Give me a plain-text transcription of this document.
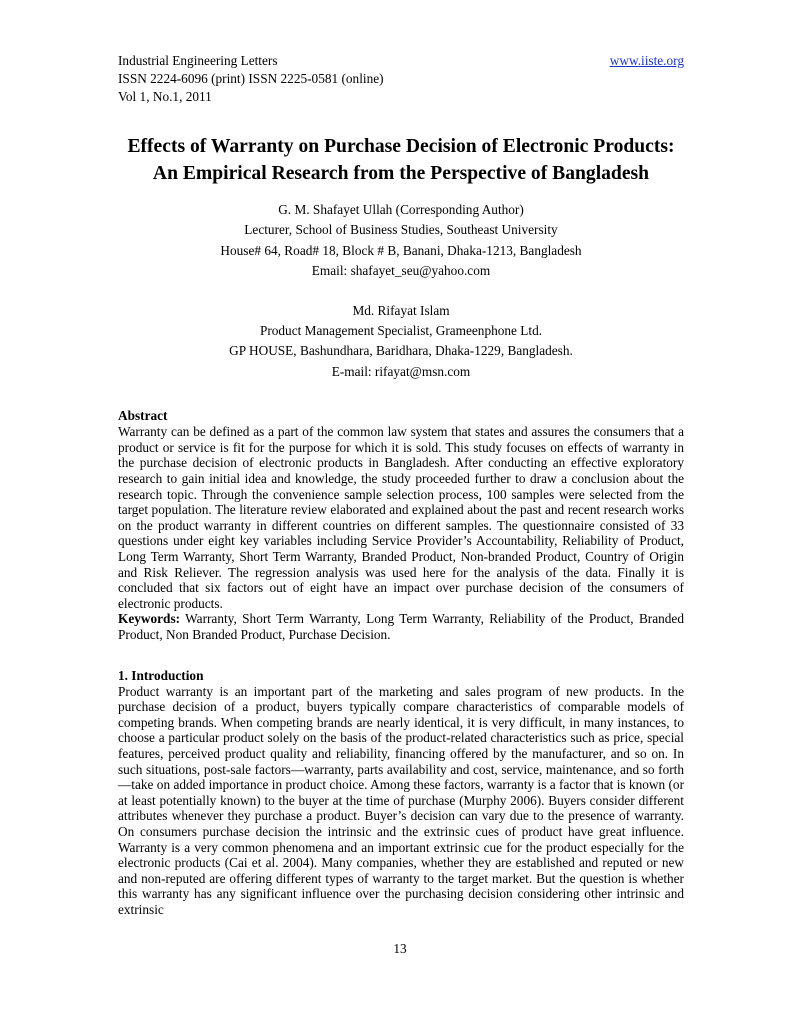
Industrial Engineering Letters
ISSN 2224-6096 (print) ISSN 2225-0581 (online)
Vol 1, No.1, 2011
www.iiste.org
Effects of Warranty on Purchase Decision of Electronic Products: An Empirical Research from the Perspective of Bangladesh
G. M. Shafayet Ullah (Corresponding Author)
Lecturer, School of Business Studies, Southeast University
House# 64, Road# 18, Block # B, Banani, Dhaka-1213, Bangladesh
Email: shafayet_seu@yahoo.com
Md. Rifayat Islam
Product Management Specialist, Grameenphone Ltd.
GP HOUSE, Bashundhara, Baridhara, Dhaka-1229, Bangladesh.
E-mail: rifayat@msn.com
Abstract

Warranty can be defined as a part of the common law system that states and assures the consumers that a product or service is fit for the purpose for which it is sold. This study focuses on effects of warranty in the purchase decision of electronic products in Bangladesh. After conducting an effective exploratory research to gain initial idea and knowledge, the study proceeded further to draw a conclusion about the research topic. Through the convenience sample selection process, 100 samples were selected from the target population. The literature review elaborated and explained about the past and recent research works on the product warranty in different countries on different samples. The questionnaire consisted of 33 questions under eight key variables including Service Provider’s Accountability, Reliability of Product, Long Term Warranty, Short Term Warranty, Branded Product, Non-branded Product, Country of Origin and Risk Reliever. The regression analysis was used here for the analysis of the data. Finally it is concluded that six factors out of eight have an impact over purchase decision of the consumers of electronic products.

Keywords: Warranty, Short Term Warranty, Long Term Warranty, Reliability of the Product, Branded Product, Non Branded Product, Purchase Decision.

1. Introduction

Product warranty is an important part of the marketing and sales program of new products. In the purchase decision of a product, buyers typically compare characteristics of comparable models of competing brands. When competing brands are nearly identical, it is very difficult, in many instances, to choose a particular product solely on the basis of the product-related characteristics such as price, special features, perceived product quality and reliability, financing offered by the manufacturer, and so on. In such situations, post-sale factors—warranty, parts availability and cost, service, maintenance, and so forth—take on added importance in product choice. Among these factors, warranty is a factor that is known (or at least potentially known) to the buyer at the time of purchase (Murphy 2006). Buyers consider different attributes whenever they purchase a product. Buyer’s decision can vary due to the presence of warranty. On consumers purchase decision the intrinsic and the extrinsic cues of product have great influence. Warranty is a very common phenomena and an important extrinsic cue for the product especially for the electronic products (Cai et al. 2004). Many companies, whether they are established and reputed or new and non-reputed are offering different types of warranty to the target market. But the question is whether this warranty has any significant influence over the purchasing decision considering other intrinsic and extrinsic

13
